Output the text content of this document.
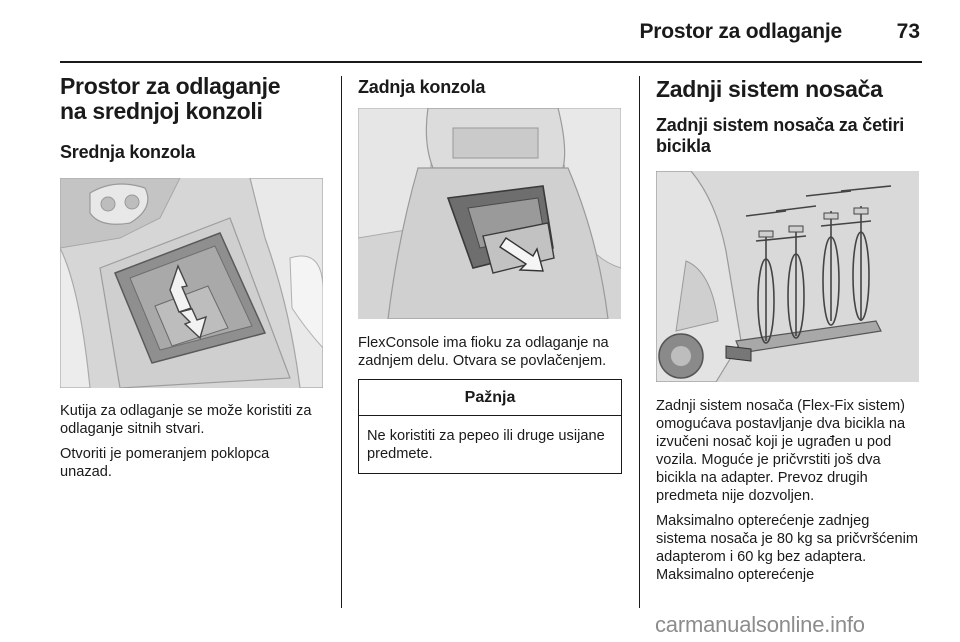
Prostor za odlaganje	73
Prostor za odlaganje na srednjoj konzoli
Srednja konzola

Kutija za odlaganje se može koristiti za odlaganje sitnih stvari.

Otvoriti je pomeranjem poklopca unazad.

Zadnja konzola

FlexConsole ima fioku za odlaganje na zadnjem delu. Otvara se povlačenjem.

Pažnja
Ne koristiti za pepeo ili druge usijane predmete.
Zadnji sistem nosača
Zadnji sistem nosača za četiri bicikla

Zadnji sistem nosača (Flex-Fix sistem) omogućava postavljanje dva bicikla na izvučeni nosač koji je ugrađen u pod vozila. Moguće je pričvrstiti još dva bicikla na adapter. Prevoz drugih predmeta nije dozvoljen.

Maksimalno opterećenje zadnjeg sistema nosača je 80 kg sa pričvršćenim adapterom i 60 kg bez adaptera. Maksimalno opterećenje

carmanualsonline.info
